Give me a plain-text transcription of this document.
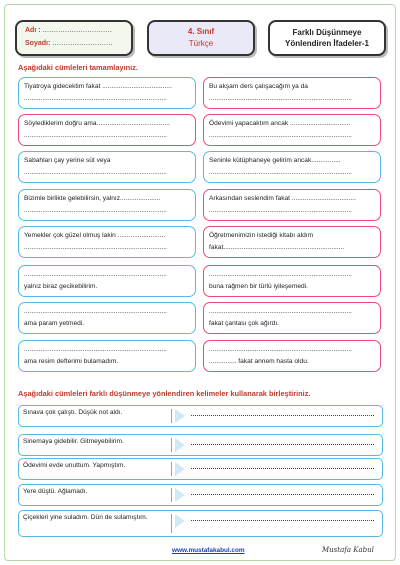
Adı : ...............................
Soyadı: ...........................
4. Sınıf
Türkçe
Farklı Düşünmeye
Yönlendiren İfadeler-1
Aşağıdaki cümleleri tamamlayınız.
Tiyatroya gidecektim fakat ......................................
..............................................................................
Bu akşam ders çalışacağım ya da
..............................................................................
Söylediklerim doğru ama........................................
..............................................................................
Ödevimi yapacaktım ancak .................................
..............................................................................
Sabahları çay yerine süt veya
..............................................................................
Seninle kütüphaneye gelirim ancak................
..............................................................................
Bizimle birlikte gelebilirsin, yalnız......................
..............................................................................
Arkasından seslendim fakat ...................................
..............................................................................
Yemekler çok güzel olmuş lakin ..........................
..............................................................................
Öğretmenimizin istediği kitabı aldım
fakat..................................................................
..............................................................................
yalnız biraz gecikebilirim.
..............................................................................
buna rağmen bir türlü iyileşemedi.
..............................................................................
ama param yetmedi.
..............................................................................
fakat çantası çok ağırdı.
..............................................................................
ama resim defterimi bulamadım.
..............................................................................
............... fakat annem hasta oldu.
Aşağıdaki cümleleri farklı düşünmeye yönlendiren kelimeler kullanarak birleştiriniz.
Sınava çok çalıştı. Düşük not aldı.
Sinemaya gidebilir. Gitmeyebilirim.
Ödevimi evde unuttum. Yapmıştım.
Yere düştü. Ağlamadı.
Çiçekleri yine suladım. Dün de sulamıştım.
www.mustafakabul.com	Mustafa Kabul
